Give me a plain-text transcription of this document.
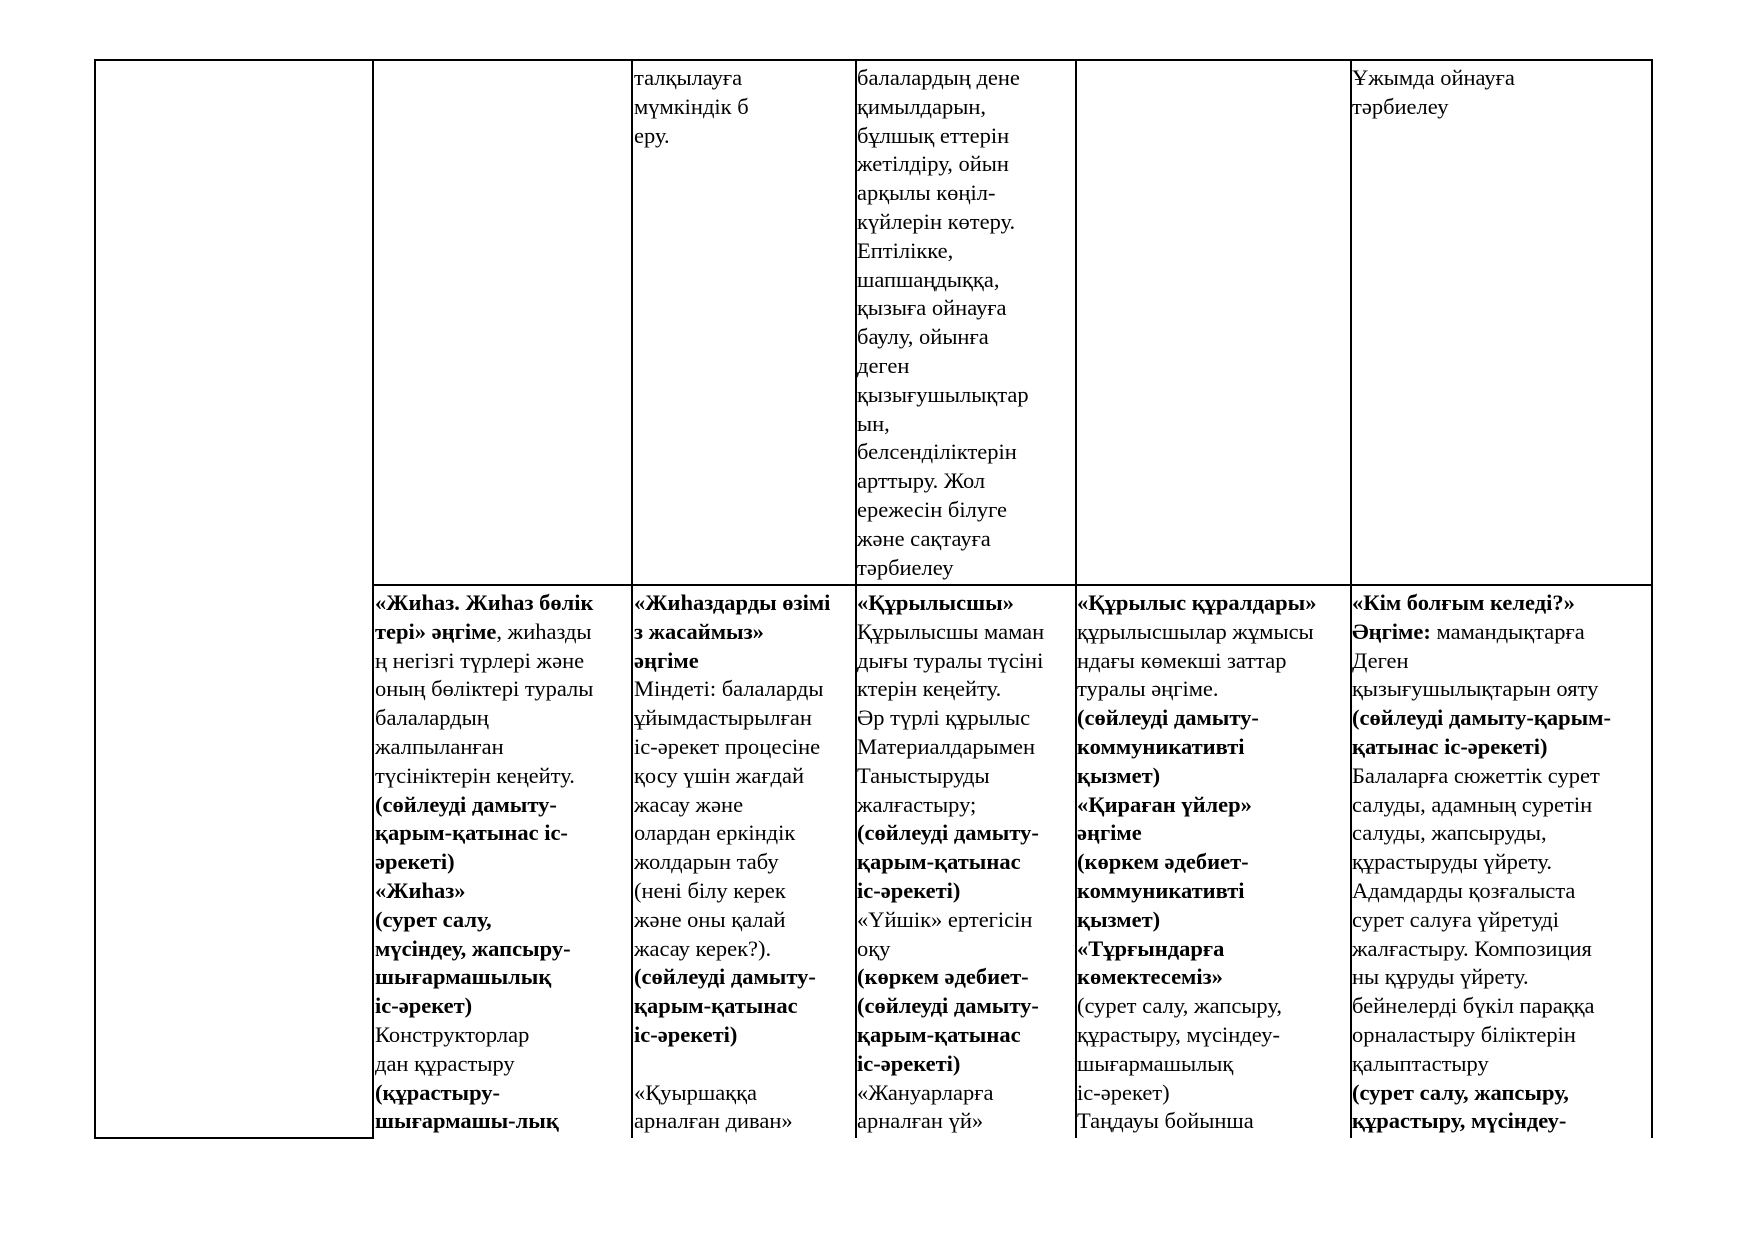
талқылауға
мүмкіндік б
еру.
балалардың дене
қимылдарын,
бұлшық еттерін
жетілдіру, ойын
арқылы көңіл-
күйлерін көтеру.
Ептілікке,
шапшаңдыққа,
қызыға ойнауға
баулу, ойынға
деген
қызығушылықтар
ын,
белсенділіктерін
арттыру. Жол
ережесін білуге
және сақтауға
тәрбиелеу
Ұжымда ойнауға
тәрбиелеу
«Жиһаз. Жиһаз бөлік
тері» әңгіме, жиһазды
ң негізгі түрлері және
оның бөліктері туралы
балалардың
жалпыланған
түсініктерін кеңейту.
(сөйлеуді дамыту-
қарым-қатынас іс-
әрекеті)
«Жиһаз»
(сурет салу,
мүсіндеу, жапсыру-
шығармашылық
іс-әрекет)
Конструкторлар
дан құрастыру
(құрастыру-
шығармашы-лық
«Жиһаздарды өзімі
з жасаймыз»
әңгіме
Міндеті: балаларды
ұйымдастырылған
іс-әрекет процесіне
қосу үшін жағдай
жасау және
олардан еркіндік
жолдарын табу
(нені білу керек
және оны қалай
жасау керек?).
(сөйлеуді дамыту-
қарым-қатынас
іс-әрекеті)
«Қуыршаққа
арналған диван»
«Құрылысшы»
Құрылысшы маман
дығы туралы түсіні
ктерін кеңейту.
Әр түрлі құрылыс
Материалдарымен
Таныстыруды
жалғастыру;
(сөйлеуді дамыту-
қарым-қатынас
іс-әрекеті)
«Үйшік» ертегісін
оқу
(көркем әдебиет-
(сөйлеуді дамыту-
қарым-қатынас
іс-әрекеті)
«Жануарларға
арналған үй»
«Құрылыс құралдары»
құрылысшылар жұмысы
ндағы көмекші заттар
туралы әңгіме.
(сөйлеуді дамыту-
коммуникативті
қызмет)
«Қираған үйлер»
әңгіме
(көркем әдебиет-
коммуникативті
қызмет)
«Тұрғындарға
көмектесеміз»
(сурет салу, жапсыру,
құрастыру, мүсіндеу-
шығармашылық
іс-әрекет)
Таңдауы бойынша
«Кім болғым келеді?»
Әңгіме: мамандықтарға
Деген
қызығушылықтарын ояту
(сөйлеуді дамыту-қарым-
қатынас іс-әрекеті)
Балаларға сюжеттік сурет
салуды, адамның суретін
салуды, жапсыруды,
құрастыруды үйрету.
Адамдарды қозғалыста
сурет салуға үйретуді
жалғастыру. Композиция
ны құруды үйрету.
бейнелерді бүкіл параққа
орналастыру біліктерін
қалыптастыру
(сурет салу, жапсыру,
құрастыру, мүсіндеу-
